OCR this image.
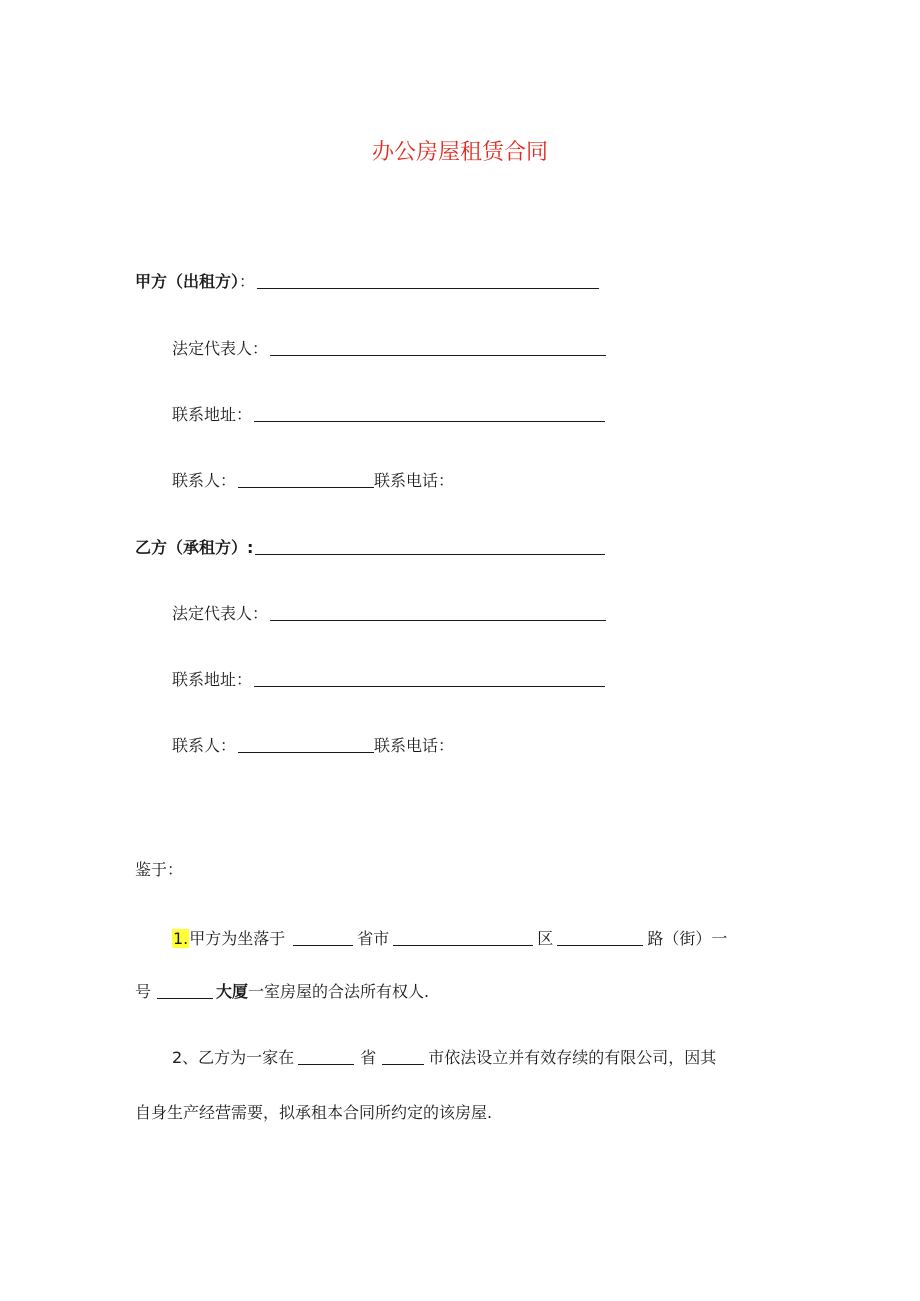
办公房屋租赁合同
甲方（出租方）：
法定代表人：
联系地址：
联系人：	联系电话：
乙方（承租方）:
法定代表人：
联系地址：
联系人：	联系电话：
鉴于：
1.甲方为坐落于	省市	区	路（街）一
号	大厦一室房屋的合法所有权人.
2、乙方为一家在	省	市依法设立并有效存续的有限公司，因其
自身生产经营需要，拟承租本合同所约定的该房屋.
